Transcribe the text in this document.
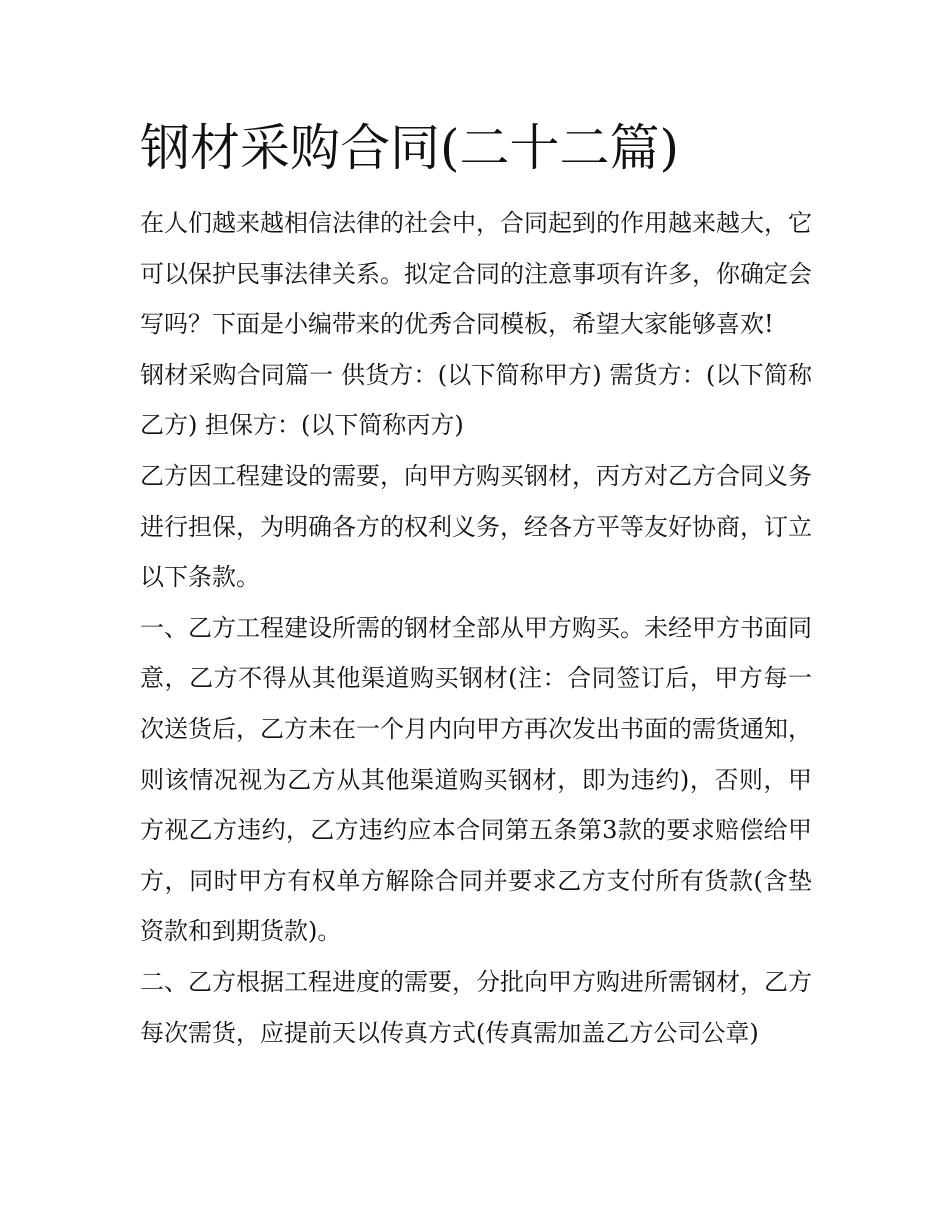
钢材采购合同(二十二篇)

在人们越来越相信法律的社会中，合同起到的作用越来越大，它可以保护民事法律关系。拟定合同的注意事项有许多，你确定会写吗？下面是小编带来的优秀合同模板，希望大家能够喜欢!

钢材采购合同篇一 供货方：(以下简称甲方) 需货方：(以下简称乙方) 担保方：(以下简称丙方)

乙方因工程建设的需要，向甲方购买钢材，丙方对乙方合同义务进行担保，为明确各方的权利义务，经各方平等友好协商，订立以下条款。

一、乙方工程建设所需的钢材全部从甲方购买。未经甲方书面同意，乙方不得从其他渠道购买钢材(注：合同签订后，甲方每一次送货后，乙方未在一个月内向甲方再次发出书面的需货通知，则该情况视为乙方从其他渠道购买钢材，即为违约)，否则，甲方视乙方违约，乙方违约应本合同第五条第3款的要求赔偿给甲方，同时甲方有权单方解除合同并要求乙方支付所有货款(含垫资款和到期货款)。

二、乙方根据工程进度的需要，分批向甲方购进所需钢材，乙方每次需货，应提前天以传真方式(传真需加盖乙方公司公章)
